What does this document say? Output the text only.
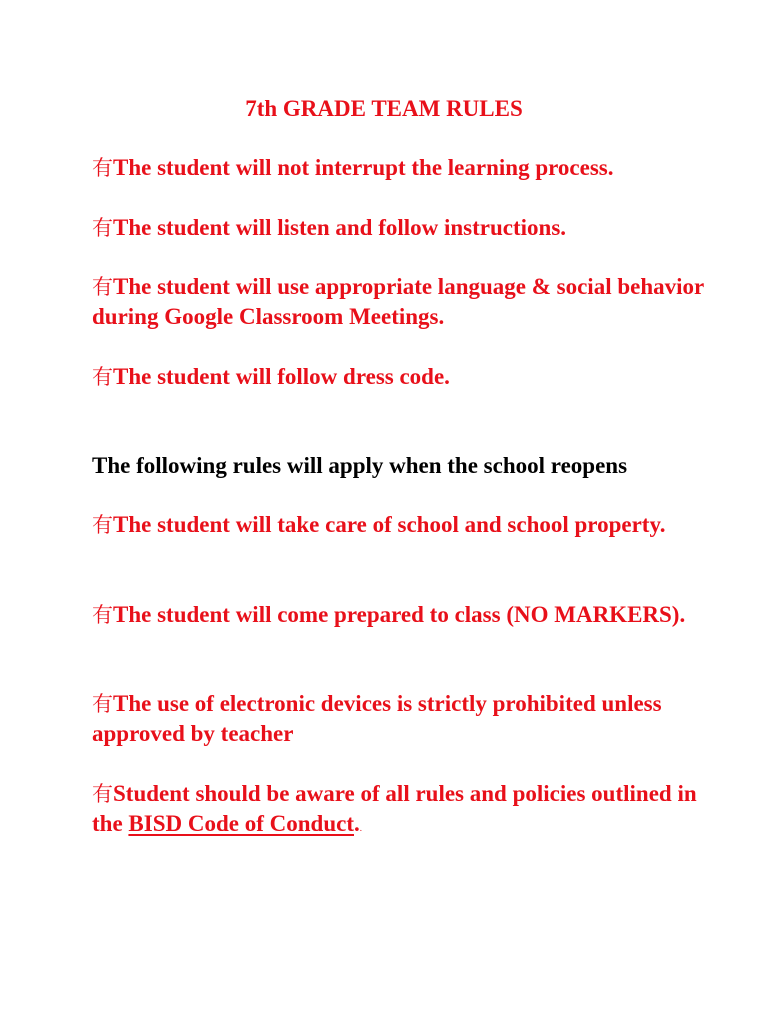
7th GRADE TEAM RULES
有The student will not interrupt the learning process.
有The student will listen and follow instructions.
有The student will use appropriate language & social behavior during Google Classroom Meetings.
有The student will follow dress code.
The following rules will apply when the school reopens
有The student will take care of school and school property.
有The student will come prepared to class (NO MARKERS).
有The use of electronic devices is strictly prohibited unless approved by teacher
有Student should be aware of all rules and policies outlined in the BISD Code of Conduct..
